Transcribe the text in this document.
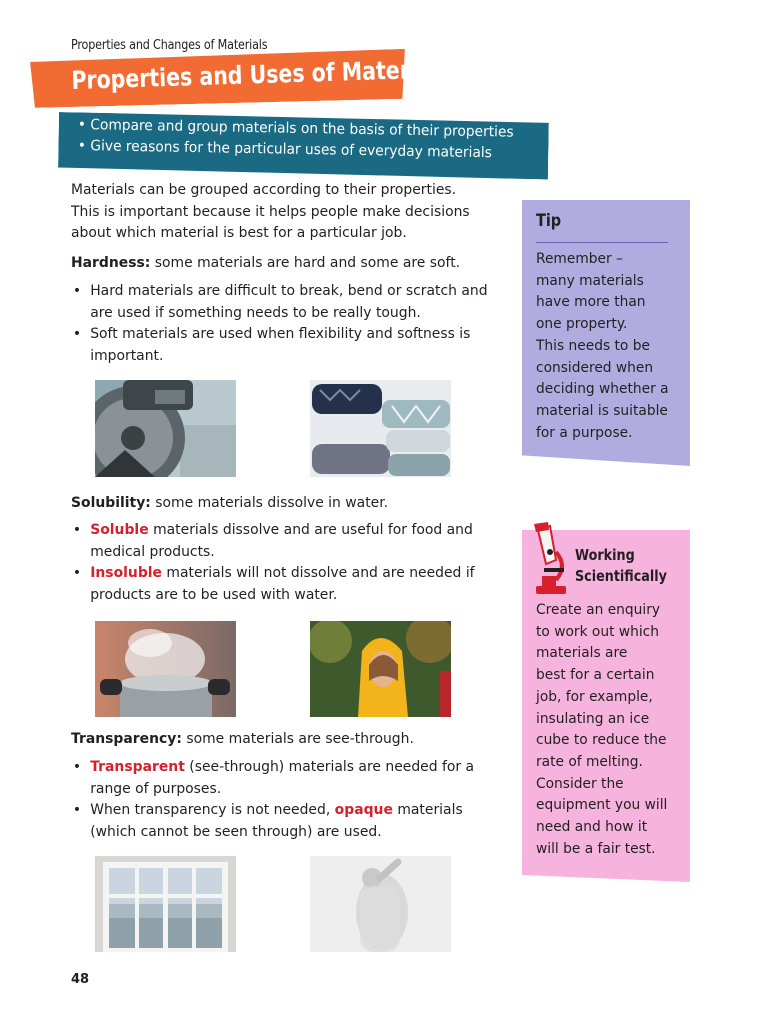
Properties and Changes of Materials
Properties and Uses of Materials
• Compare and group materials on the basis of their properties
• Give reasons for the particular uses of everyday materials
Materials can be grouped according to their properties.
This is important because it helps people make decisions
about which material is best for a particular job.
Hardness: some materials are hard and some are soft.
• Hard materials are difficult to break, bend or scratch and
are used if something needs to be really tough.
• Soft materials are used when flexibility and softness is
important.
Solubility: some materials dissolve in water.
• Soluble materials dissolve and are useful for food and
medical products.
• Insoluble materials will not dissolve and are needed if
products are to be used with water.
Transparency: some materials are see-through.
• Transparent (see-through) materials are needed for a
range of purposes.
• When transparency is not needed, opaque materials
(which cannot be seen through) are used.
Tip
Remember –
many materials
have more than
one property.
This needs to be
considered when
deciding whether a
material is suitable
for a purpose.
Working
Scientifically
Create an enquiry
to work out which
materials are
best for a certain
job, for example,
insulating an ice
cube to reduce the
rate of melting.
Consider the
equipment you will
need and how it
will be a fair test.
48
